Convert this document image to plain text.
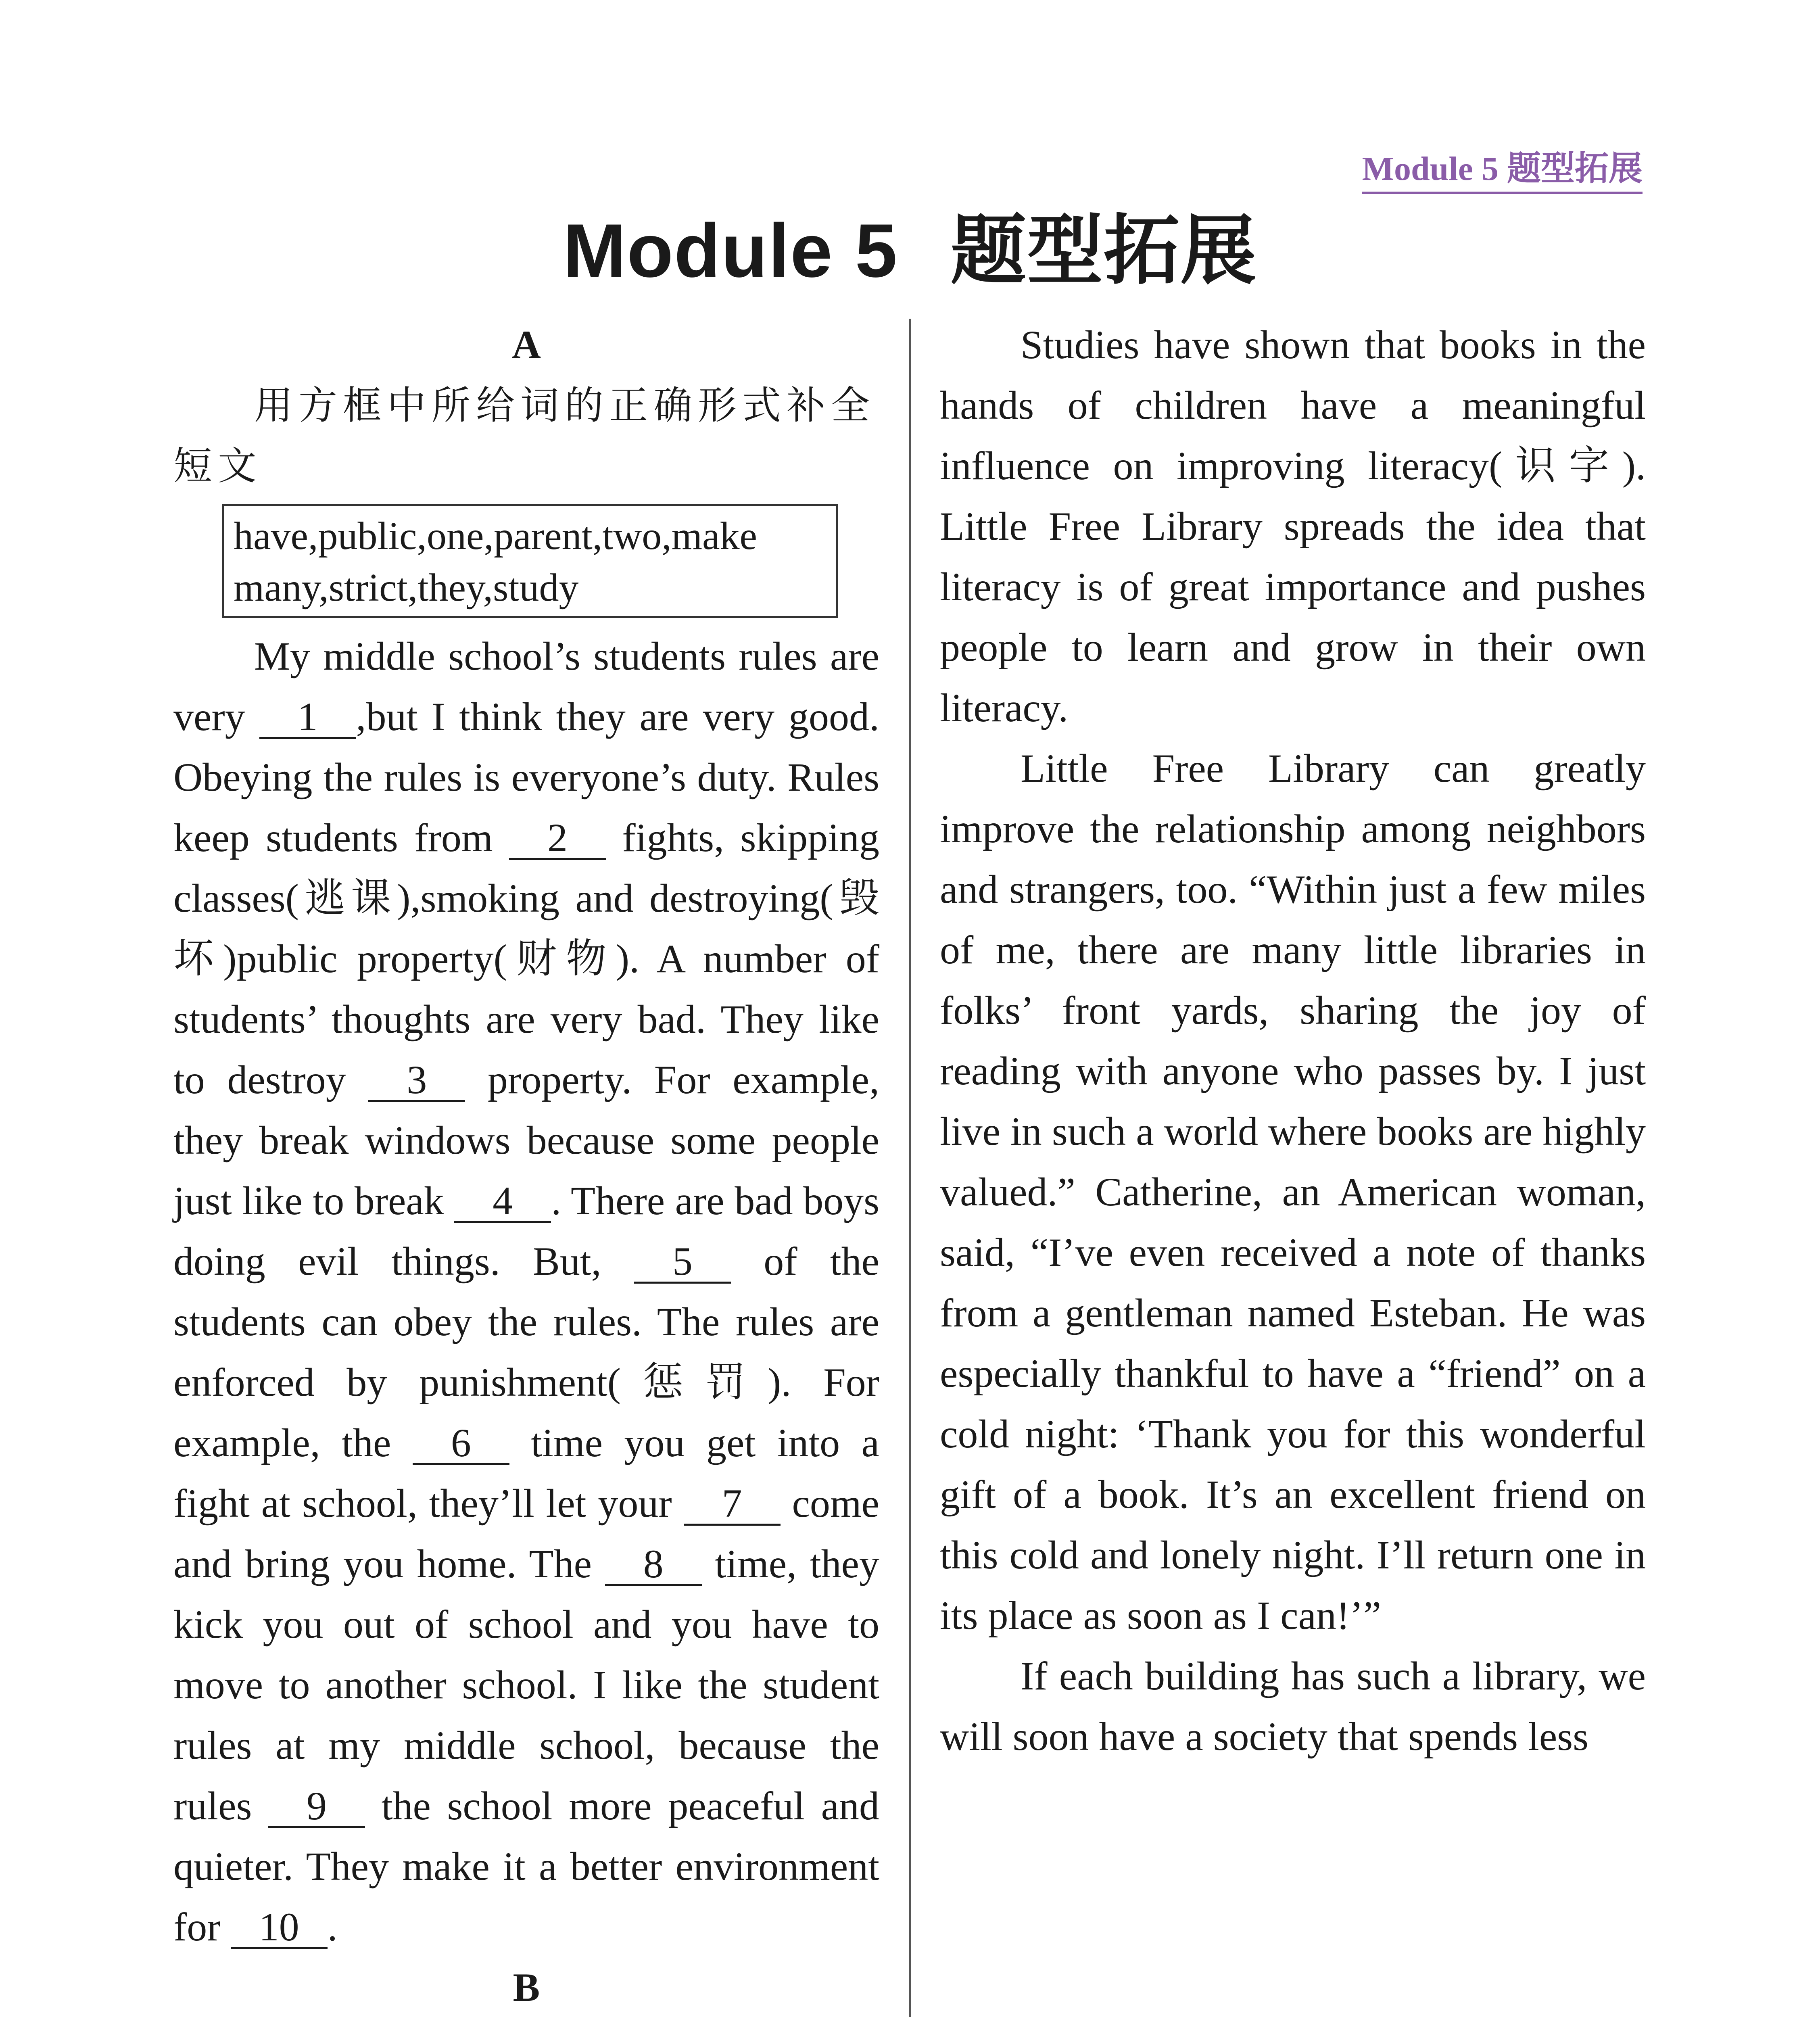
Module 5 题型拓展
Module 5 题型拓展
A

用方框中所给词的正确形式补全短文

have,public,one,parent,two,make many,strict,they,study

My middle school’s students rules are very 1 ,but I think they are very good. Obeying the rules is everyone’s duty. Rules keep students from 2 fights, skipping classes(逃课),smoking and destroying(毁坏)public property(财物). A number of students’ thoughts are very bad. They like to destroy 3 property. For example, they break windows because some people just like to break 4 . There are bad boys doing evil things. But, 5 of the students can obey the rules. The rules are enforced by punishment(惩罚). For example, the 6 time you get into a fight at school, they’ll let your 7 come and bring you home. The 8 time, they kick you out of school and you have to move to another school. I like the student rules at my middle school, because the rules 9 the school more peaceful and quieter. They make it a better environment for 10 .

B

Studies have shown that books in the hands of children have a meaningful influence on improving literacy(识字). Little Free Library spreads the idea that literacy is of great importance and pushes people to learn and grow in their own literacy.

Little Free Library can greatly improve the relationship among neighbors and strangers, too. “Within just a few miles of me, there are many little libraries in folks’ front yards, sharing the joy of reading with anyone who passes by. I just live in such a world where books are highly valued.” Catherine, an American woman, said, “I’ve even received a note of thanks from a gentleman named Esteban. He was especially thankful to have a “friend” on a cold night: ‘Thank you for this wonderful gift of a book. It’s an excellent friend on this cold and lonely night. I’ll return one in its place as soon as I can!’”

If each building has such a library, we will soon have a society that spends less
